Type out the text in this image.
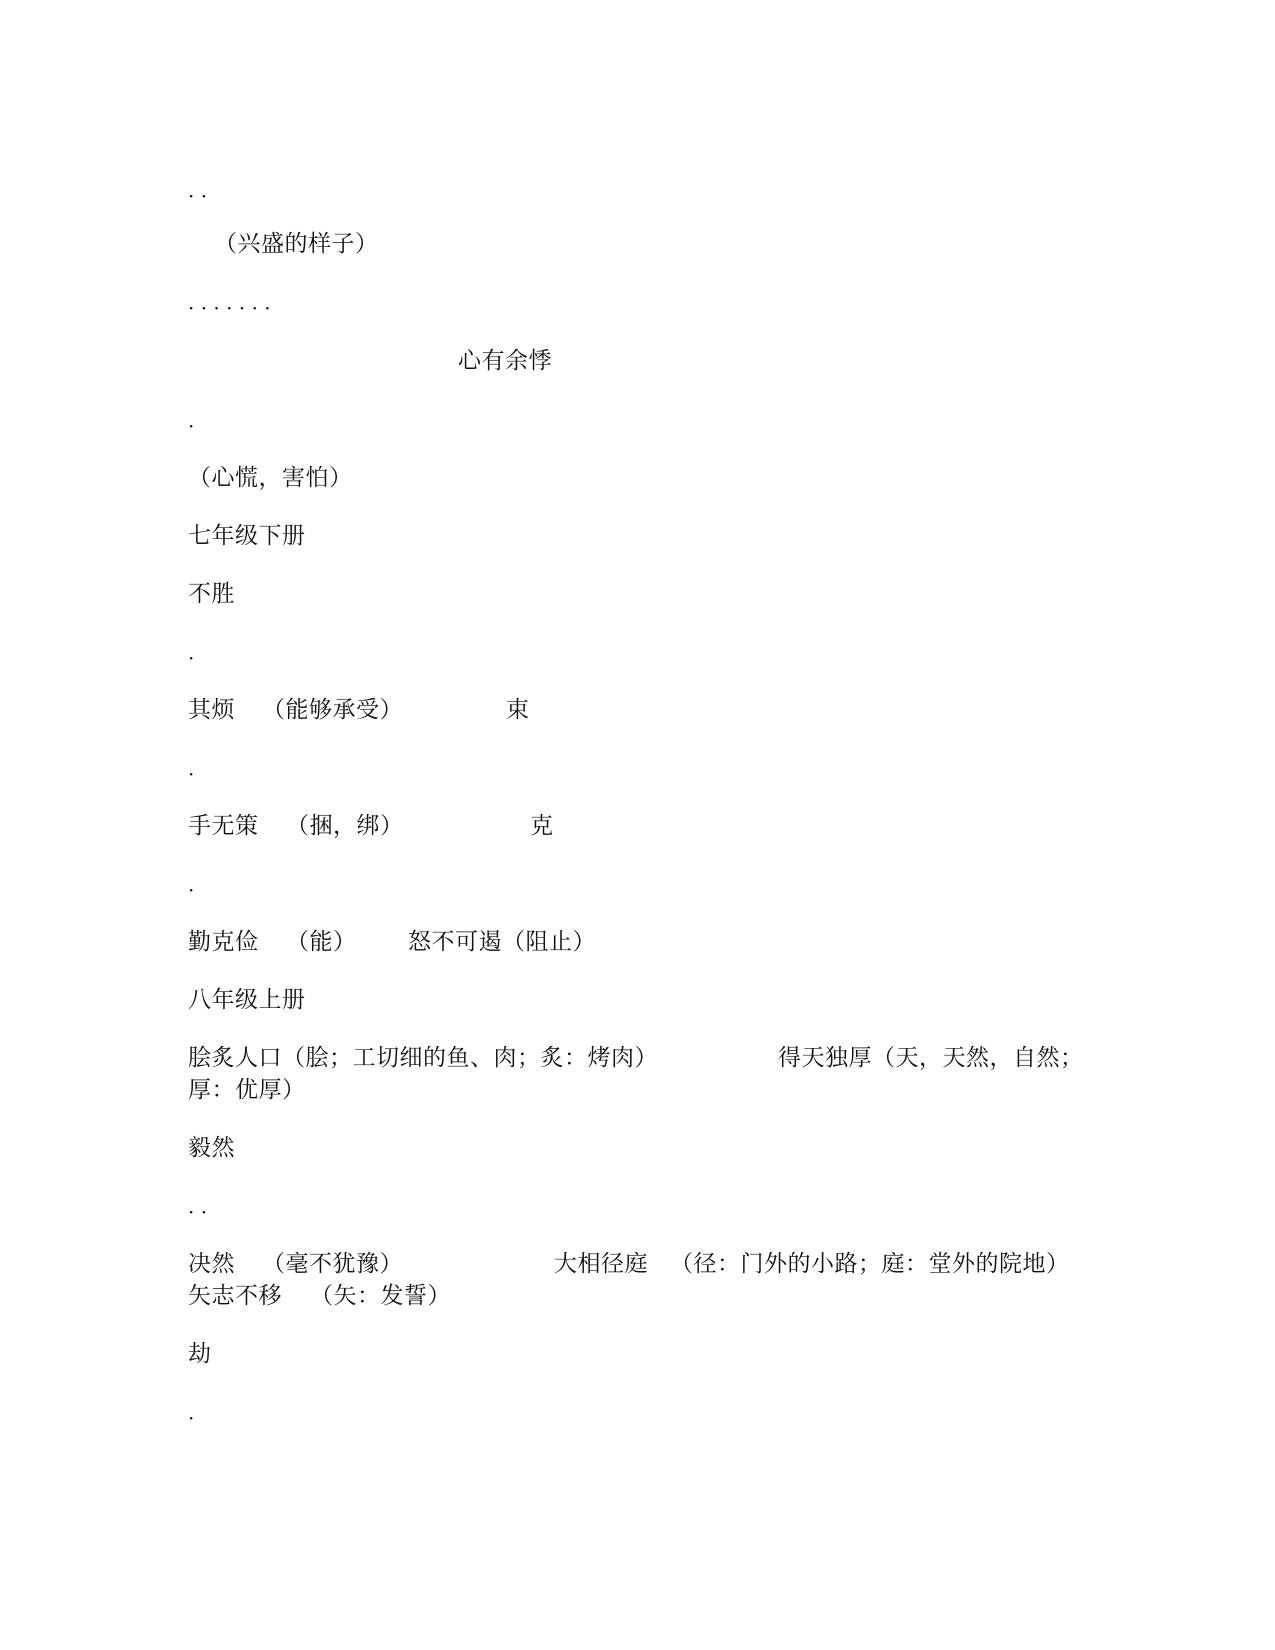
· ·
（兴盛的样子）
· · · · · · ·
心有余悸
·
（心慌，害怕）
七年级下册
不胜
·
其烦 （能够承受）	束
·
手无策 （捆，绑）	克
·
勤克俭 （能） 怒不可遏（阻止）
八年级上册
脍炙人口（脍；工切细的鱼、肉；炙：烤肉）	得天独厚（天，天然，自然；
厚：优厚）
毅然
· ·
决然 （毫不犹豫）	大相径庭 （径：门外的小路；庭：堂外的院地）
矢志不移 （矢：发誓）
劫
·
